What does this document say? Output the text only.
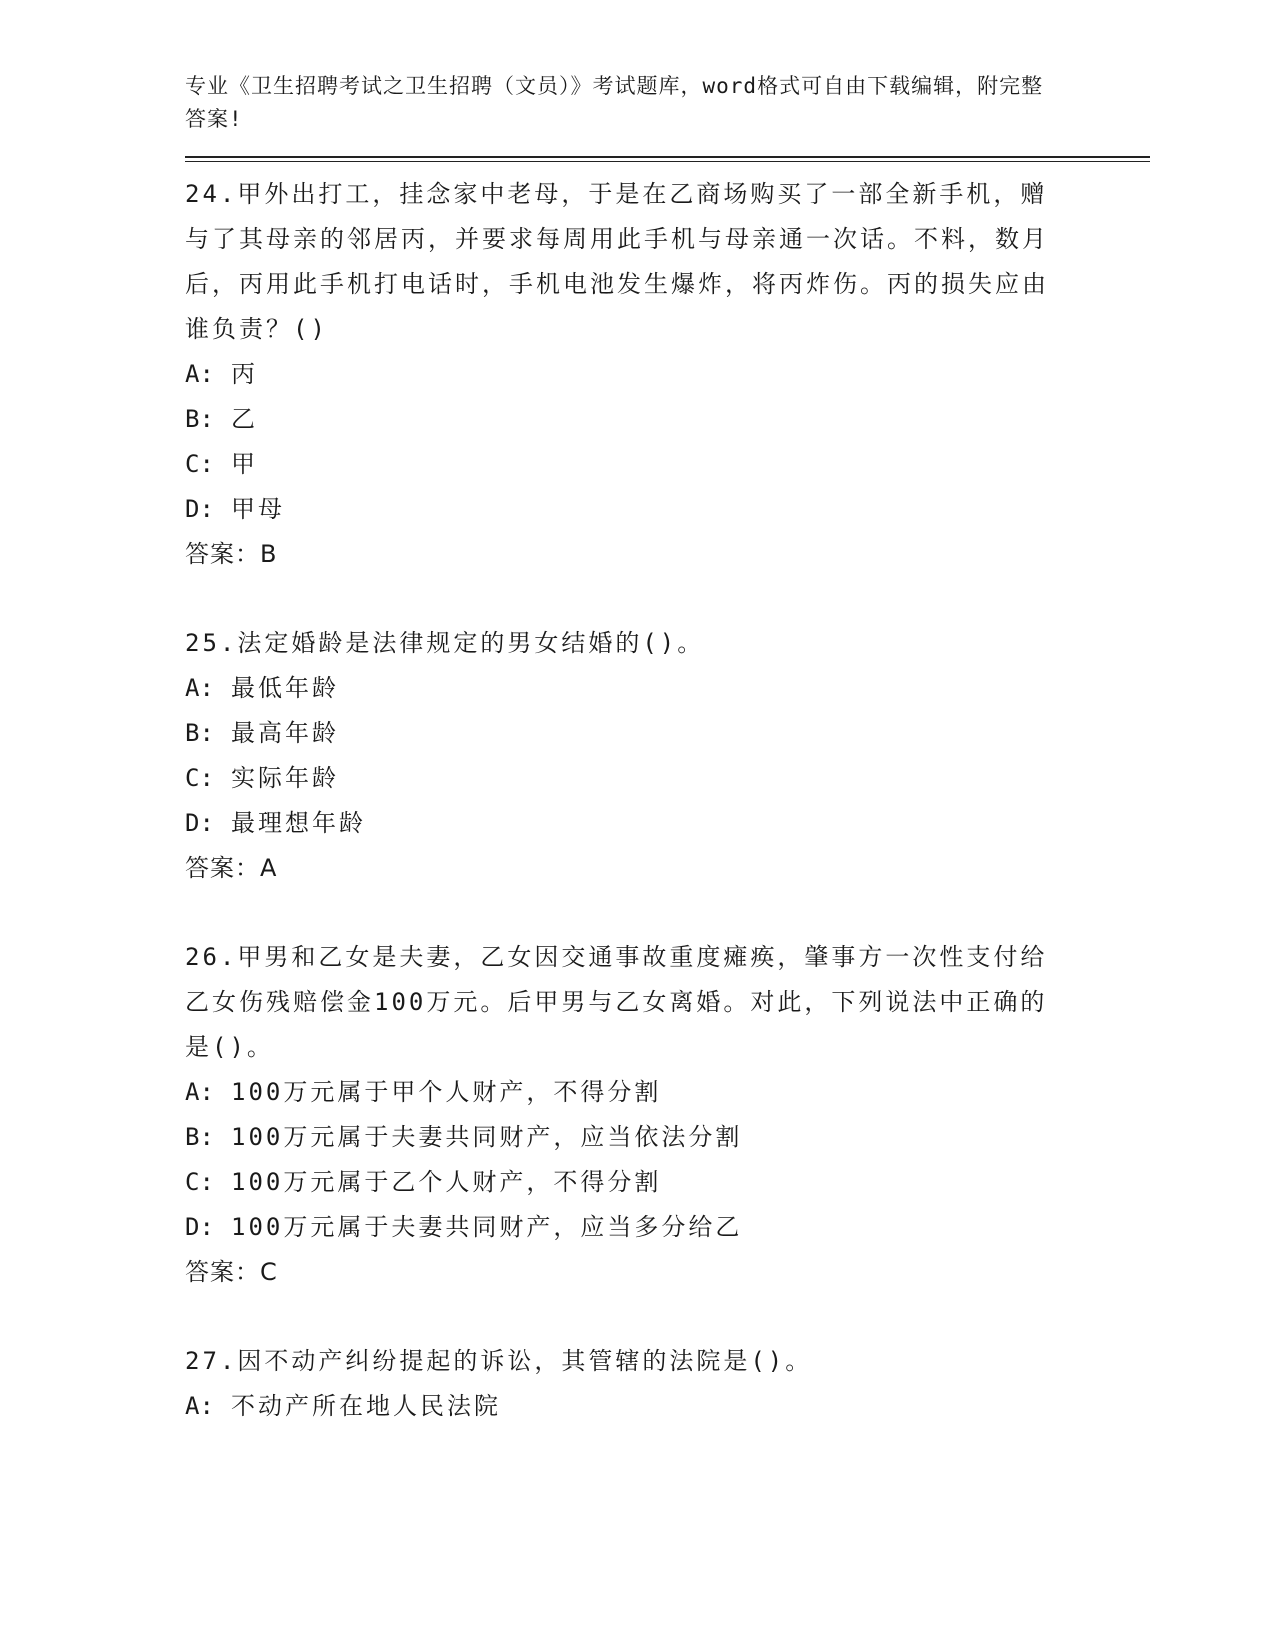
专业《卫生招聘考试之卫生招聘（文员）》考试题库，word格式可自由下载编辑，附完整答案!
24.甲外出打工，挂念家中老母，于是在乙商场购买了一部全新手机，赠与了其母亲的邻居丙，并要求每周用此手机与母亲通一次话。不料，数月后，丙用此手机打电话时，手机电池发生爆炸，将丙炸伤。丙的损失应由谁负责？()
A: 丙
B: 乙
C: 甲
D: 甲母
答案：B
25.法定婚龄是法律规定的男女结婚的()。
A: 最低年龄
B: 最高年龄
C: 实际年龄
D: 最理想年龄
答案：A
26.甲男和乙女是夫妻，乙女因交通事故重度瘫痪，肇事方一次性支付给乙女伤残赔偿金100万元。后甲男与乙女离婚。对此，下列说法中正确的是()。
A: 100万元属于甲个人财产，不得分割
B: 100万元属于夫妻共同财产，应当依法分割
C: 100万元属于乙个人财产，不得分割
D: 100万元属于夫妻共同财产，应当多分给乙
答案：C
27.因不动产纠纷提起的诉讼，其管辖的法院是()。
A: 不动产所在地人民法院
